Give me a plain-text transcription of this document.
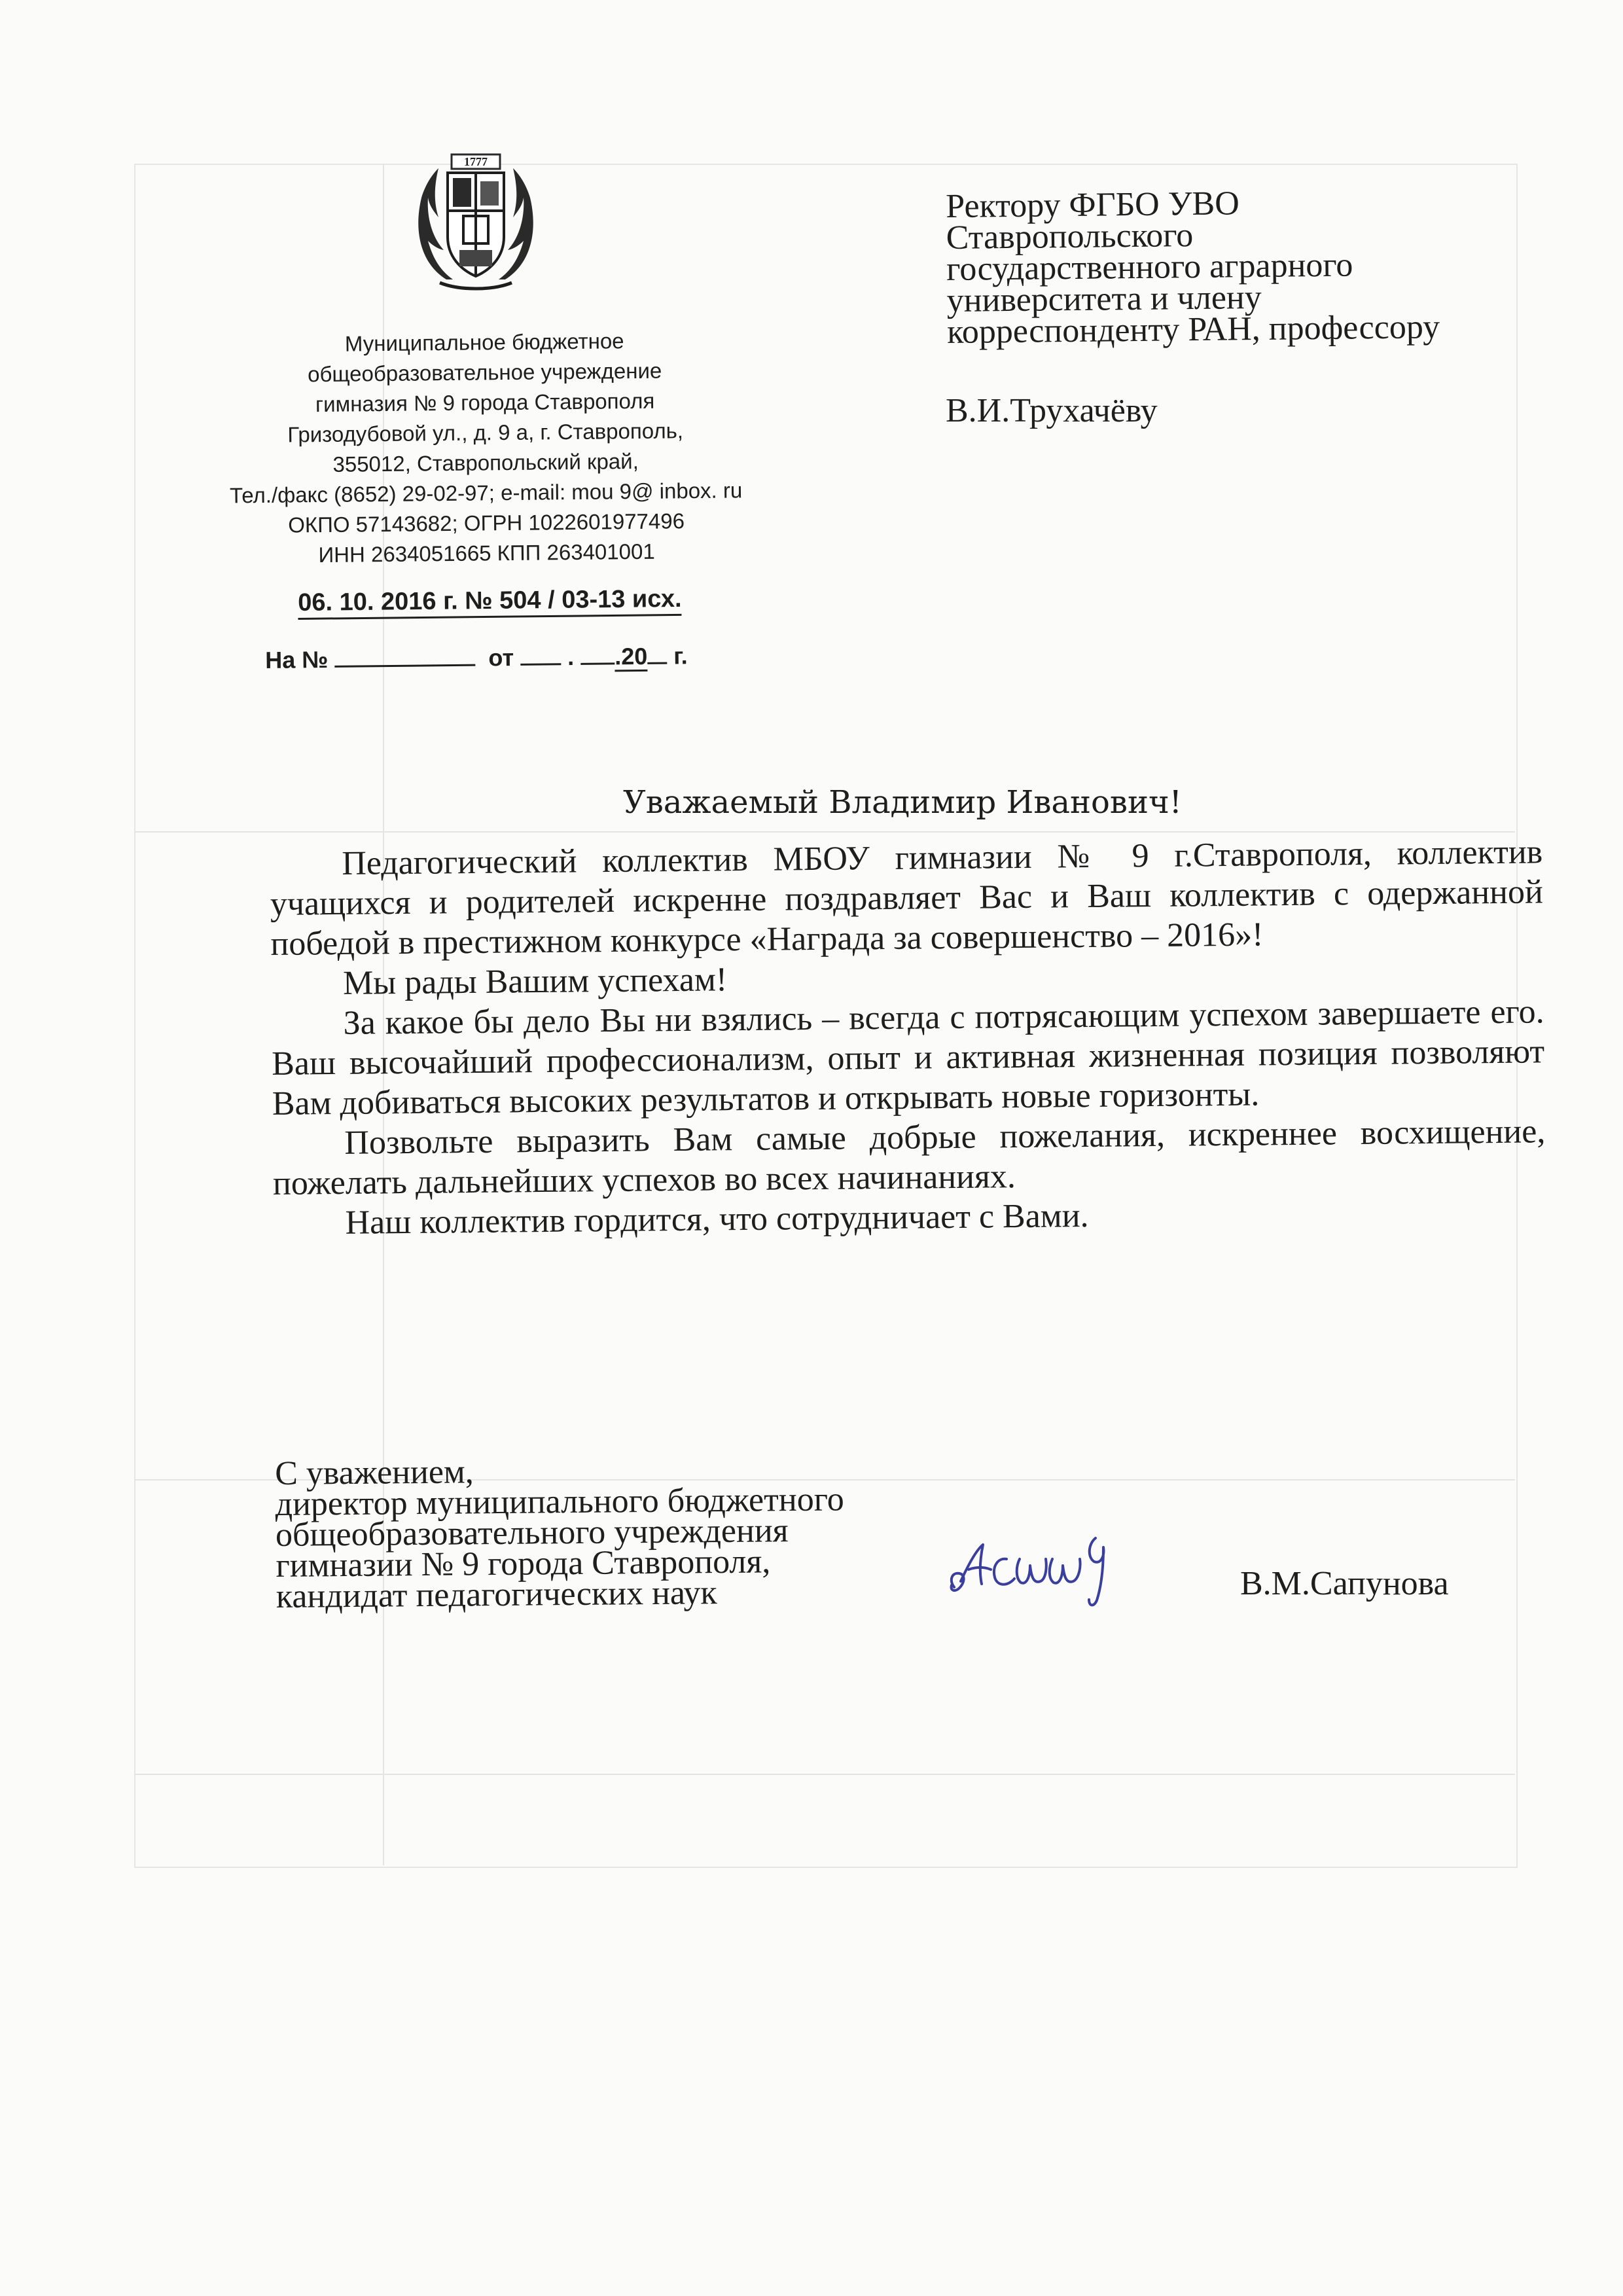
1777
Муниципальное бюджетное
общеобразовательное учреждение
гимназия № 9 города Ставрополя
Гризодубовой ул., д. 9 а, г. Ставрополь,
355012, Ставропольский край,
Тел./факс (8652) 29-02-97; e-mail: mou 9@ inbox. ru
ОКПО 57143682; ОГРН 1022601977496
ИНН 2634051665 КПП 263401001
06. 10. 2016 г. № 504 / 03-13 исх.
На №	от . .20 г.
Ректору ФГБО УВО
Ставропольского
государственного аграрного
университета и члену
корреспонденту РАН, профессору
В.И.Трухачёву
Уважаемый Владимир Иванович!

Педагогический коллектив МБОУ гимназии № 9 г.Ставрополя, коллектив учащихся и родителей искренне поздравляет Вас и Ваш коллектив с одержанной победой в престижном конкурсе «Награда за совершенство – 2016»!

Мы рады Вашим успехам!

За какое бы дело Вы ни взялись – всегда с потрясающим успехом завершаете его. Ваш высочайший профессионализм, опыт и активная жизненная позиция позволяют Вам добиваться высоких результатов и открывать новые горизонты.

Позвольте выразить Вам самые добрые пожелания, искреннее восхищение, пожелать дальнейших успехов во всех начинаниях.

Наш коллектив гордится, что сотрудничает с Вами.

С уважением,
директор муниципального бюджетного
общеобразовательного учреждения
гимназии № 9 города Ставрополя,
кандидат педагогических наук	В.М.Сапунова
